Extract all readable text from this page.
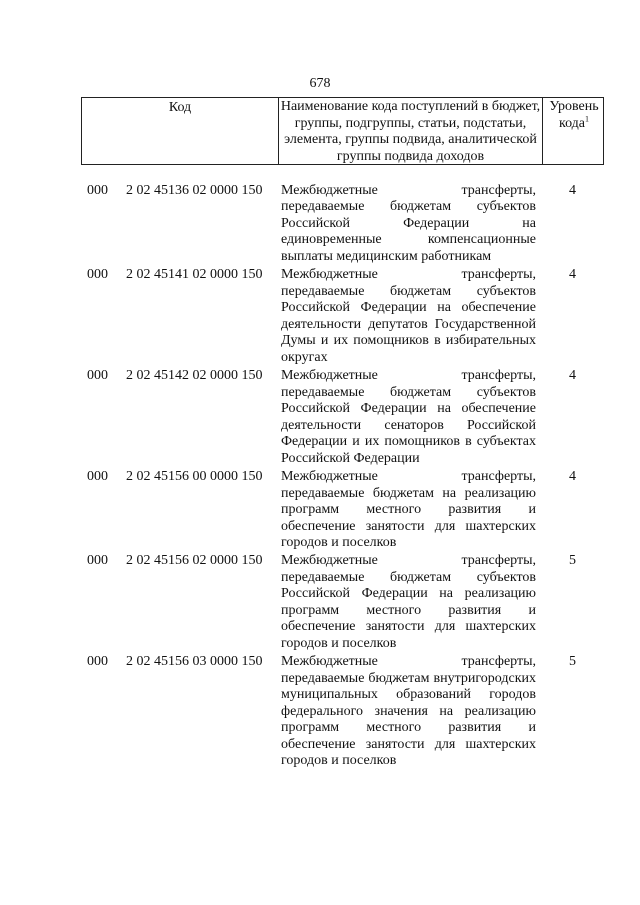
678
Код	Наименование кода поступлений в бюджет, группы, подгруппы, статьи, подстатьи, элемента, группы подвида, аналитической группы подвида доходов
Уровень кода$^1$
000 2 02 45136 02 0000 150 Межбюджетные трансферты, передаваемые бюджетам субъектов Российской Федерации на единовременные компенсационные выплаты медицинским работникам
4
000 2 02 45141 02 0000 150 Межбюджетные трансферты, передаваемые бюджетам субъектов Российской Федерации на обеспечение деятельности депутатов Государственной Думы и их помощников в избирательных округах
4
000 2 02 45142 02 0000 150 Межбюджетные трансферты, передаваемые бюджетам субъектов Российской Федерации на обеспечение деятельности сенаторов Российской Федерации и их помощников в субъектах Российской Федерации
4
000 2 02 45156 00 0000 150 Межбюджетные трансферты, передаваемые бюджетам на реализацию программ местного развития и обеспечение занятости для шахтерских городов и поселков
4
000 2 02 45156 02 0000 150 Межбюджетные трансферты, передаваемые бюджетам субъектов Российской Федерации на реализацию программ местного развития и обеспечение занятости для шахтерских городов и поселков
5
000 2 02 45156 03 0000 150 Межбюджетные трансферты, передаваемые бюджетам внутригородских муниципальных образований городов федерального значения на реализацию программ местного развития и обеспечение занятости для шахтерских городов и поселков
5
